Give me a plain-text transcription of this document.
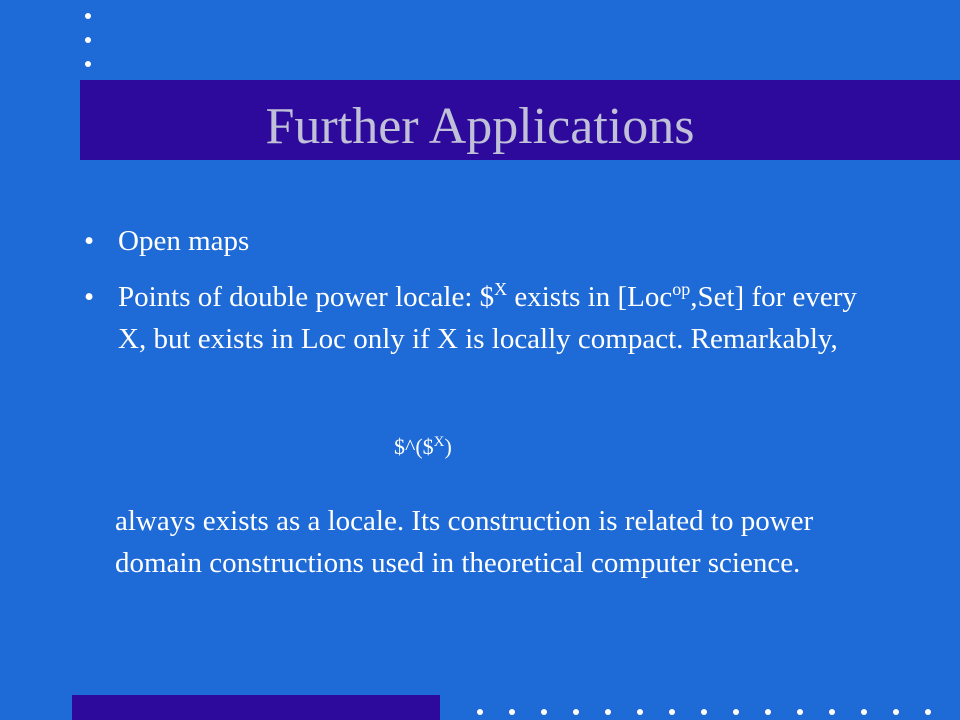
Further Applications
• Open maps
• Points of double power locale: \$$^X$ exists in [Loc$^{op}$,Set] for every X, but exists in Loc only if X is locally compact. Remarkably,
$^(\$$^X$)
always exists as a locale. Its construction is related to power domain constructions used in theoretical computer science.
